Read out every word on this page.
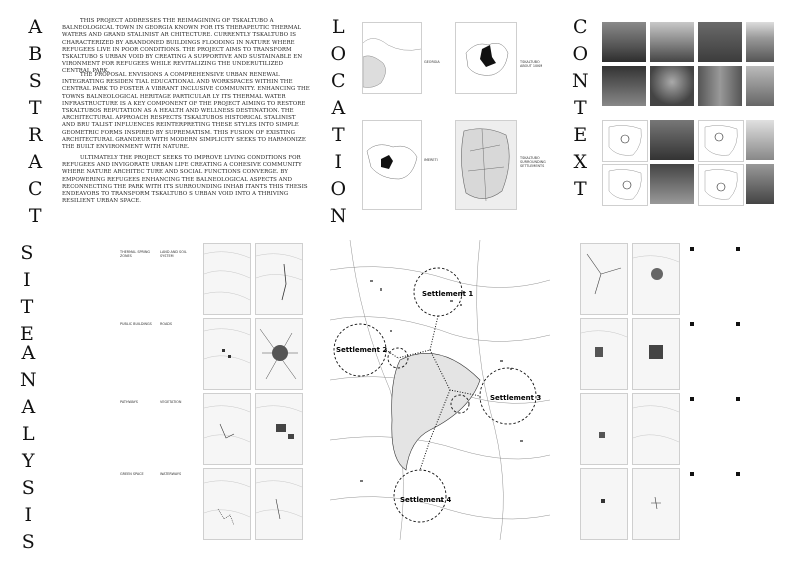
A
B
S
T
R
A
C
T
THIS PROJECT ADDRESSES THE REIMAGINING OF TSKALTUBO A BALNEOLOGICAL TOWN IN GEORGIA KNOWN FOR ITS THERAPEUTIC THERMAL WATERS AND GRAND STALINIST AR CHITECTURE. CURRENTLY TSKALTUBO IS CHARACTERIZED BY ABANDONED BUILDINGS FLOODING IN NATURE WHERE REFUGEES LIVE IN POOR CONDITIONS. THE PROJECT AIMS TO TRANSFORM TSKALTUBO S URBAN VOID BY CREATING A SUPPORTIVE AND SUSTAINABLE EN VIRONMENT FOR REFUGEES WHILE REVITALIZING THE UNDERUTILIZED CENTRAL PARK.
THE PROPOSAL ENVISIONS A COMPREHENSIVE URBAN RENEWAL INTEGRATING RESIDEN TIAL EDUCATIONAL AND WORKSPACES WITHIN THE CENTRAL PARK TO FOSTER A VIBRANT INCLUSIVE COMMUNITY. ENHANCING THE TOWNS BALNEOLOGICAL HERITAGE PARTICULAR LY ITS THERMAL WATER INFRASTRUCTURE IS A KEY COMPONENT OF THE PROJECT AIMING TO RESTORE TSKALTUBOS REPUTATION AS A HEALTH AND WELLNESS DESTINATION. THE ARCHITECTURAL APPROACH RESPECTS TSKALTUBOS HISTORICAL STALINIST AND BRU TALIST INFLUENCES REINTERPRETING THESE STYLES INTO SIMPLE GEOMETRIC FORMS INSPIRED BY SUPREMATISM. THIS FUSION OF EXISTING ARCHITECTURAL GRANDEUR WITH MODERN SIMPLICITY SEEKS TO HARMONIZE THE BUILT ENVIRONMENT WITH NATURE.
ULTIMATELY THE PROJECT SEEKS TO IMPROVE LIVING CONDITIONS FOR REFUGEES AND INVIGORATE URBAN LIFE CREATING A COHESIVE COMMUNITY WHERE NATURE ARCHITEC TURE AND SOCIAL FUNCTIONS CONVERGE. BY EMPOWERING REFUGEES ENHANCING THE BALNEOLOGICAL ASPECTS AND RECONNECTING THE PARK WITH ITS SURROUNDING INHAB ITANTS THIS THESIS ENDEAVORS TO TRANSFORM TSKALTUBO S URBAN VOID INTO A THRIVING RESILIENT URBAN SPACE.
L
O
C
A
T
I
O
N
GEORGIA	TSKALTUBO ABOUT 10KM
IMERETI	TSKALTUBO SURROUNDING SETTLEMENTS
C
O
N
T
E
X
T
S
I
T
E
A
N
A
L
Y
S
I
S
THERMAL SPRING ZONES
LAND AND SOIL SYSTEM
PUBLIC BUILDINGS	ROADS
PATHWAYS	VEGETATION
GREEN SPACE	WATERWAYS
Settlement 1
Settlement 2
Settlement 3
Settlement 4
